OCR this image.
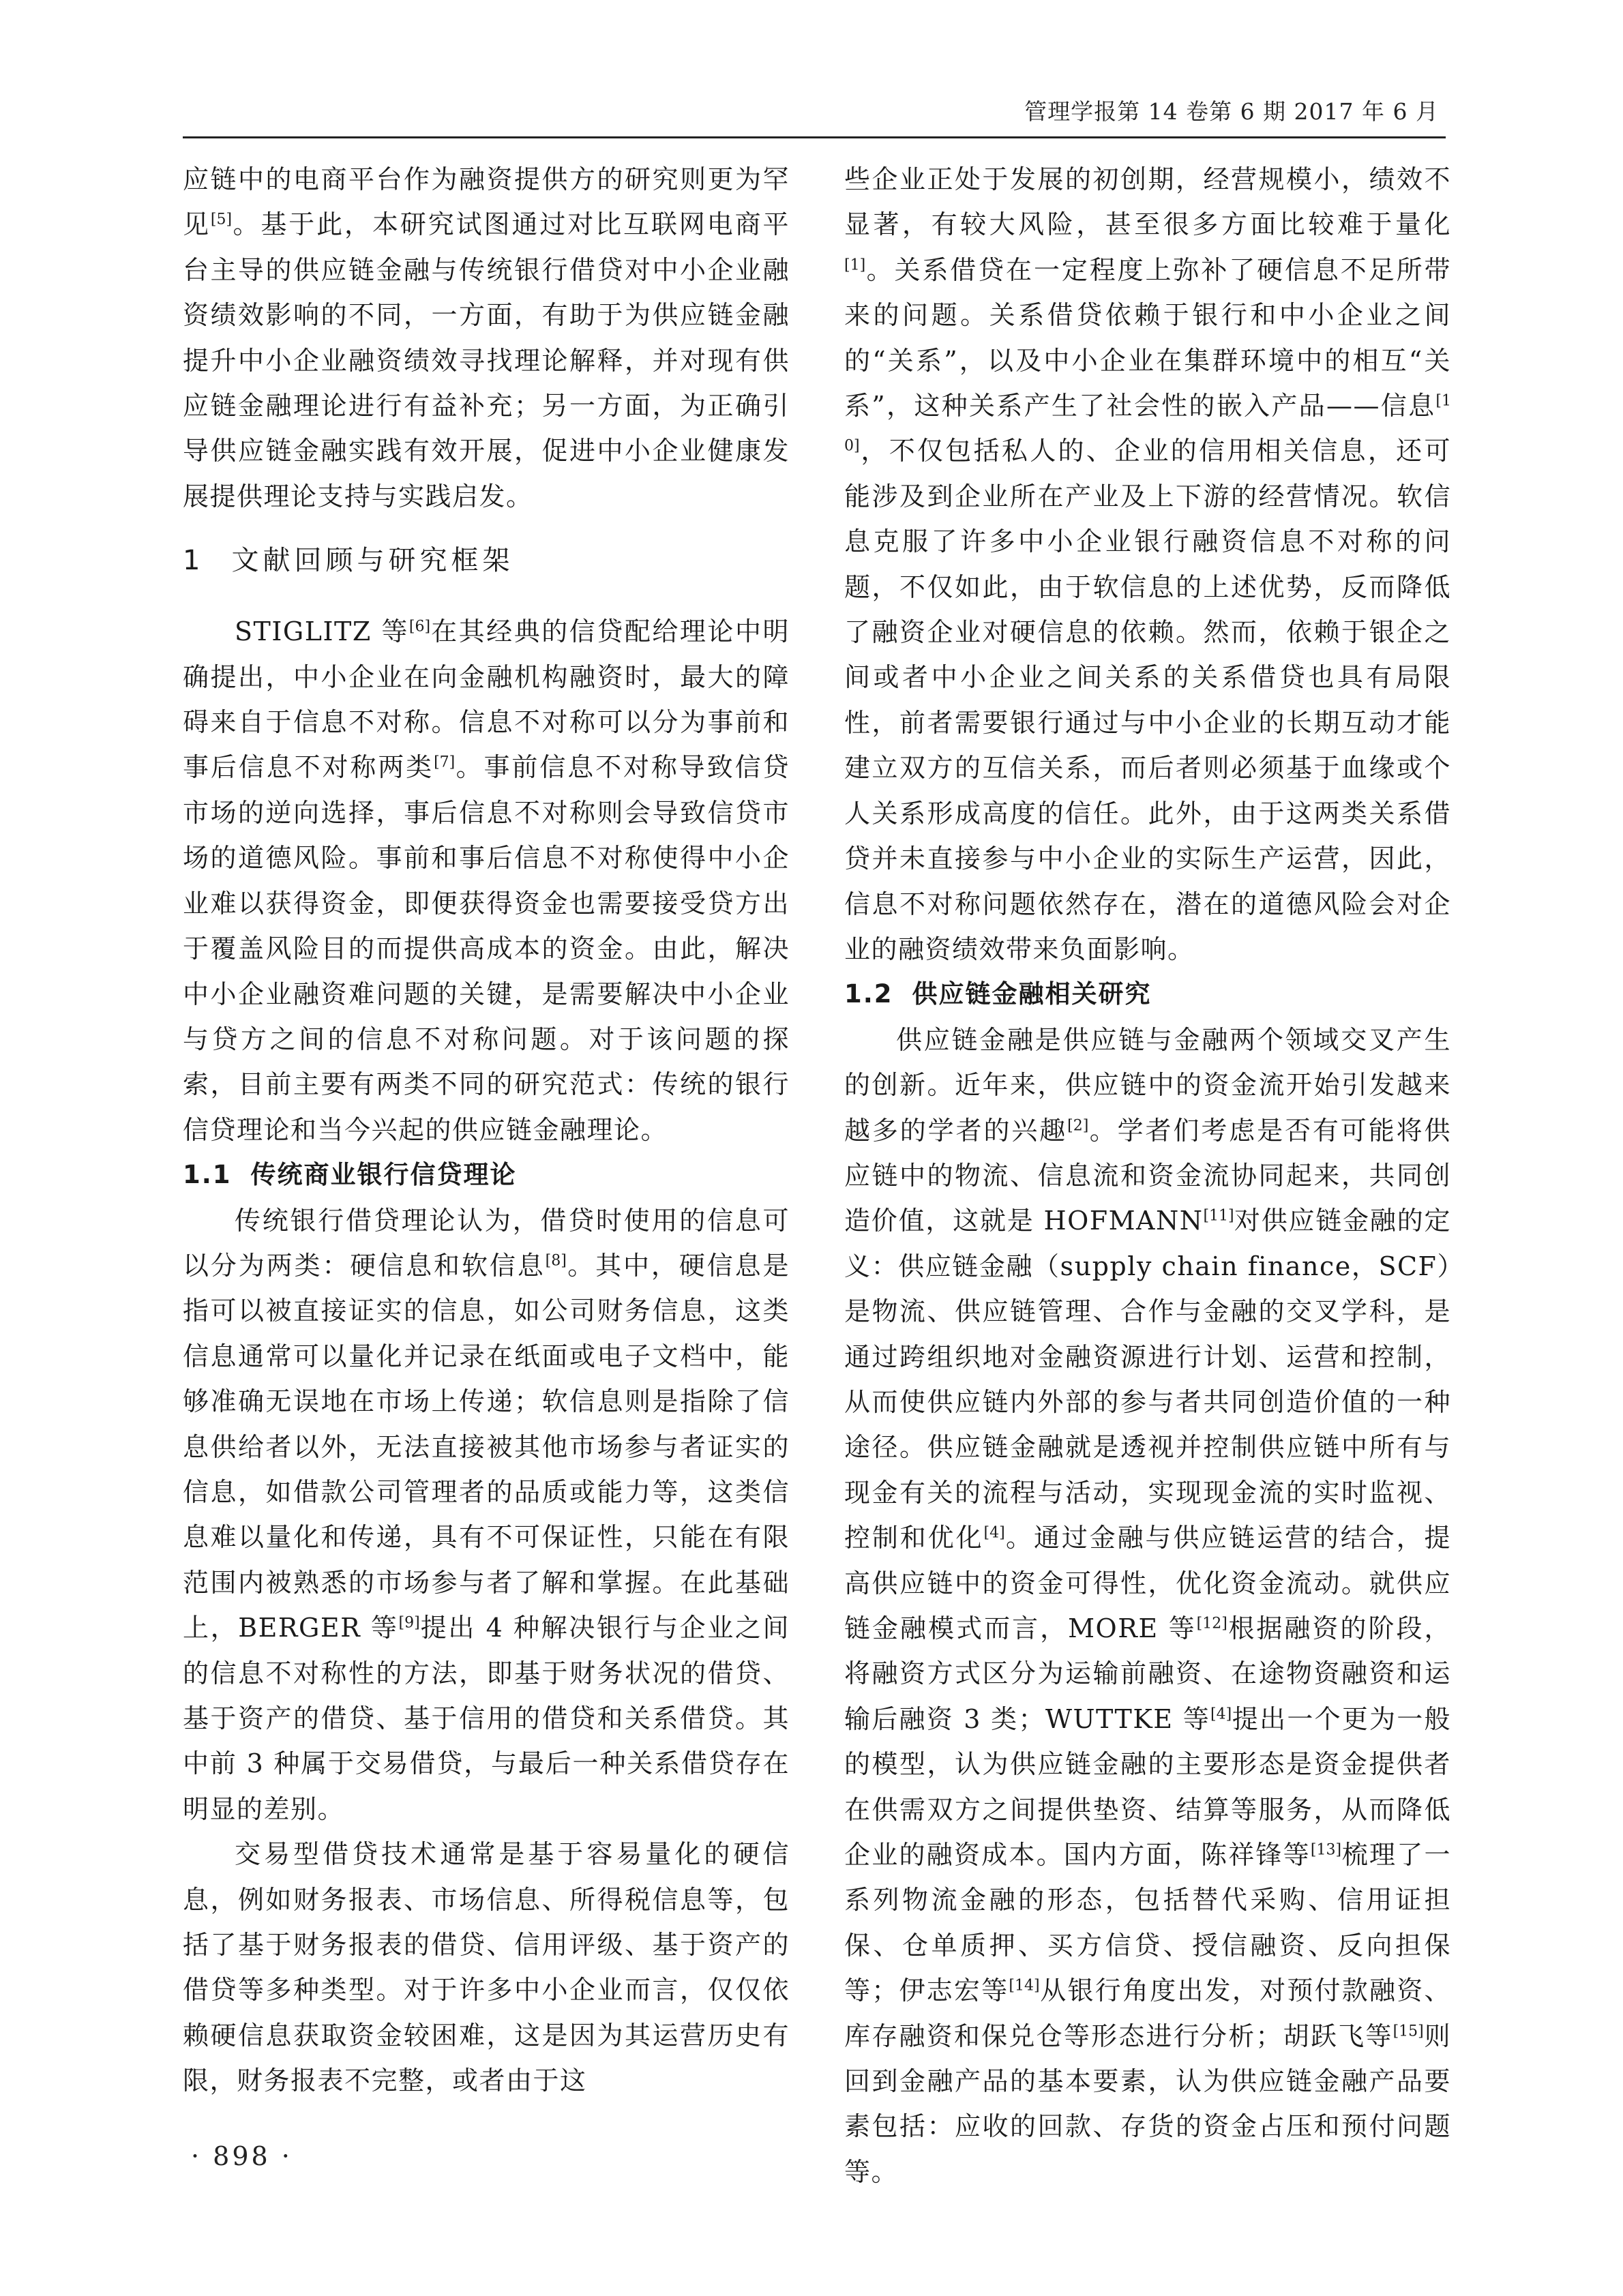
管理学报第 14 卷第 6 期 2017 年 6 月

应链中的电商平台作为融资提供方的研究则更为罕见[5]。基于此，本研究试图通过对比互联网电商平台主导的供应链金融与传统银行借贷对中小企业融资绩效影响的不同，一方面，有助于为供应链金融提升中小企业融资绩效寻找理论解释，并对现有供应链金融理论进行有益补充；另一方面，为正确引导供应链金融实践有效开展，促进中小企业健康发展提供理论支持与实践启发。

1 文献回顾与研究框架

STIGLITZ 等[6]在其经典的信贷配给理论中明确提出，中小企业在向金融机构融资时，最大的障碍来自于信息不对称。信息不对称可以分为事前和事后信息不对称两类[7]。事前信息不对称导致信贷市场的逆向选择，事后信息不对称则会导致信贷市场的道德风险。事前和事后信息不对称使得中小企业难以获得资金，即便获得资金也需要接受贷方出于覆盖风险目的而提供高成本的资金。由此，解决中小企业融资难问题的关键，是需要解决中小企业与贷方之间的信息不对称问题。对于该问题的探索，目前主要有两类不同的研究范式：传统的银行信贷理论和当今兴起的供应链金融理论。

1.1 传统商业银行信贷理论

传统银行借贷理论认为，借贷时使用的信息可以分为两类：硬信息和软信息[8]。其中，硬信息是指可以被直接证实的信息，如公司财务信息，这类信息通常可以量化并记录在纸面或电子文档中，能够准确无误地在市场上传递；软信息则是指除了信息供给者以外，无法直接被其他市场参与者证实的信息，如借款公司管理者的品质或能力等，这类信息难以量化和传递，具有不可保证性，只能在有限范围内被熟悉的市场参与者了解和掌握。在此基础上，BERGER 等[9]提出 4 种解决银行与企业之间的信息不对称性的方法，即基于财务状况的借贷、基于资产的借贷、基于信用的借贷和关系借贷。其中前 3 种属于交易借贷，与最后一种关系借贷存在明显的差别。

交易型借贷技术通常是基于容易量化的硬信息，例如财务报表、市场信息、所得税信息等，包括了基于财务报表的借贷、信用评级、基于资产的借贷等多种类型。对于许多中小企业而言，仅仅依赖硬信息获取资金较困难，这是因为其运营历史有限，财务报表不完整，或者由于这

些企业正处于发展的初创期，经营规模小，绩效不显著，有较大风险，甚至很多方面比较难于量化[1]。关系借贷在一定程度上弥补了硬信息不足所带来的问题。关系借贷依赖于银行和中小企业之间的“关系”，以及中小企业在集群环境中的相互“关系”，这种关系产生了社会性的嵌入产品——信息[10]，不仅包括私人的、企业的信用相关信息，还可能涉及到企业所在产业及上下游的经营情况。软信息克服了许多中小企业银行融资信息不对称的问题，不仅如此，由于软信息的上述优势，反而降低了融资企业对硬信息的依赖。然而，依赖于银企之间或者中小企业之间关系的关系借贷也具有局限性，前者需要银行通过与中小企业的长期互动才能建立双方的互信关系，而后者则必须基于血缘或个人关系形成高度的信任。此外，由于这两类关系借贷并未直接参与中小企业的实际生产运营，因此，信息不对称问题依然存在，潜在的道德风险会对企业的融资绩效带来负面影响。

1.2 供应链金融相关研究

供应链金融是供应链与金融两个领域交叉产生的创新。近年来，供应链中的资金流开始引发越来越多的学者的兴趣[2]。学者们考虑是否有可能将供应链中的物流、信息流和资金流协同起来，共同创造价值，这就是 HOFMANN[11]对供应链金融的定义：供应链金融（supply chain finance，SCF）是物流、供应链管理、合作与金融的交叉学科，是通过跨组织地对金融资源进行计划、运营和控制，从而使供应链内外部的参与者共同创造价值的一种途径。供应链金融就是透视并控制供应链中所有与现金有关的流程与活动，实现现金流的实时监视、控制和优化[4]。通过金融与供应链运营的结合，提高供应链中的资金可得性，优化资金流动。就供应链金融模式而言，MORE 等[12]根据融资的阶段，将融资方式区分为运输前融资、在途物资融资和运输后融资 3 类；WUTTKE 等[4]提出一个更为一般的模型，认为供应链金融的主要形态是资金提供者在供需双方之间提供垫资、结算等服务，从而降低企业的融资成本。国内方面，陈祥锋等[13]梳理了一系列物流金融的形态，包括替代采购、信用证担保、仓单质押、买方信贷、授信融资、反向担保等；伊志宏等[14]从银行角度出发，对预付款融资、库存融资和保兑仓等形态进行分析；胡跃飞等[15]则回到金融产品的基本要素，认为供应链金融产品要素包括：应收的回款、存货的资金占压和预付问题等。

· 898 ·
